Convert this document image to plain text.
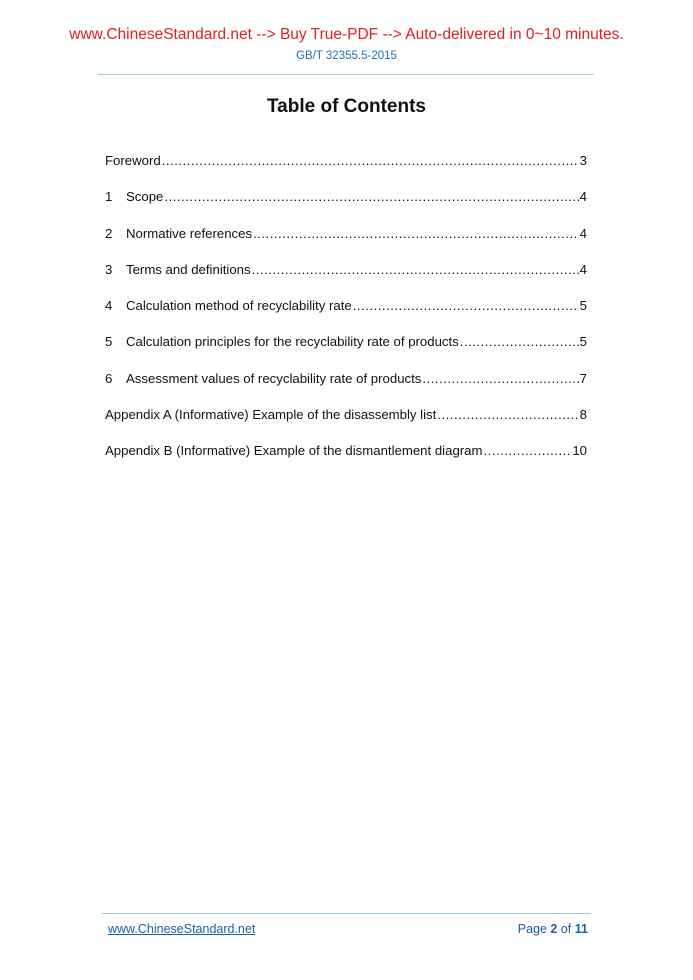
www.ChineseStandard.net --> Buy True-PDF --> Auto-delivered in 0~10 minutes.
GB/T 32355.5-2015
Table of Contents
Foreword .....	3
1	Scope .....	4
2	Normative references .....	4
3	Terms and definitions .....	4
4	Calculation method of recyclability rate .....	5
5	Calculation principles for the recyclability rate of products .....	5
6	Assessment values of recyclability rate of products .....	7
Appendix A (Informative) Example of the disassembly list .....	8
Appendix B (Informative) Example of the dismantlement diagram .....	10
www.ChineseStandard.net	Page 2 of 11
